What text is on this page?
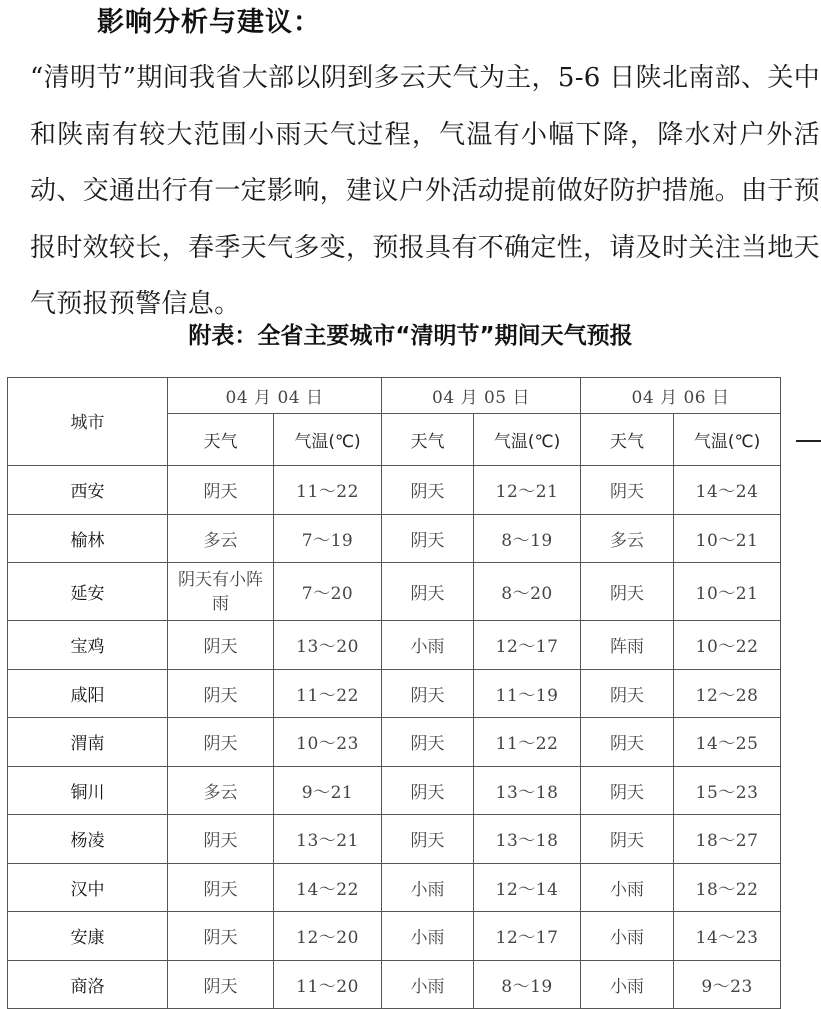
影响分析与建议：
“清明节”期间我省大部以阴到多云天气为主，5-6 日陕北南部、关中和陕南有较大范围小雨天气过程，气温有小幅下降，降水对户外活动、交通出行有一定影响，建议户外活动提前做好防护措施。由于预报时效较长，春季天气多变，预报具有不确定性，请及时关注当地天气预报预警信息。
附表：全省主要城市“清明节”期间天气预报
城市	04 月 04 日		04 月 05 日		04 月 06 日	
	天气	气温(℃)	天气	气温(℃)	天气	气温(℃)
西安	阴天	11～22	阴天	12～21	阴天	14～24
榆林	多云	7～19	阴天	8～19	多云	10～21
延安	阴天有小阵雨	7～20	阴天	8～20	阴天	10～21
宝鸡	阴天	13～20	小雨	12～17	阵雨	10～22
咸阳	阴天	11～22	阴天	11～19	阴天	12～28
渭南	阴天	10～23	阴天	11～22	阴天	14～25
铜川	多云	9～21	阴天	13～18	阴天	15～23
杨凌	阴天	13～21	阴天	13～18	阴天	18～27
汉中	阴天	14～22	小雨	12～14	小雨	18～22
安康	阴天	12～20	小雨	12～17	小雨	14～23
商洛	阴天	11～20	小雨	8～19	小雨	9～23
